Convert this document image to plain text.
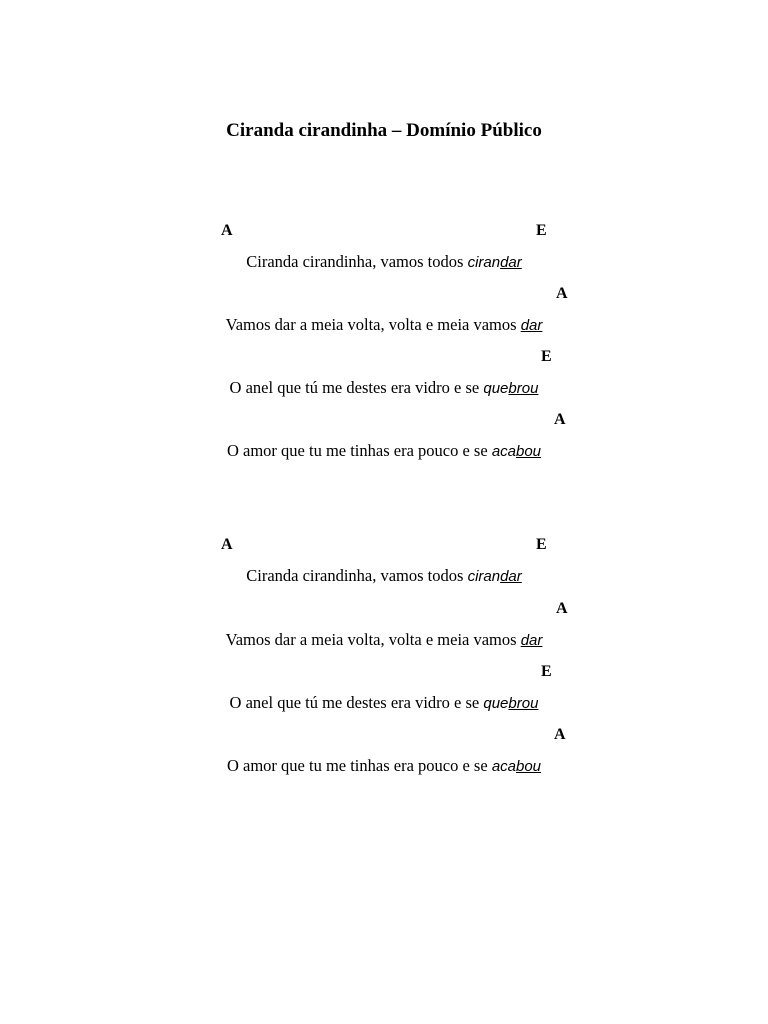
Ciranda cirandinha – Domínio Público
A	E
Ciranda cirandinha, vamos todos cirandar
A
Vamos dar a meia volta, volta e meia vamos dar
E
O anel que tú me destes era vidro e se quebrou
A
O amor que tu me tinhas era pouco e se acabou
A	E
Ciranda cirandinha, vamos todos cirandar
A
Vamos dar a meia volta, volta e meia vamos dar
E
O anel que tú me destes era vidro e se quebrou
A
O amor que tu me tinhas era pouco e se acabou
